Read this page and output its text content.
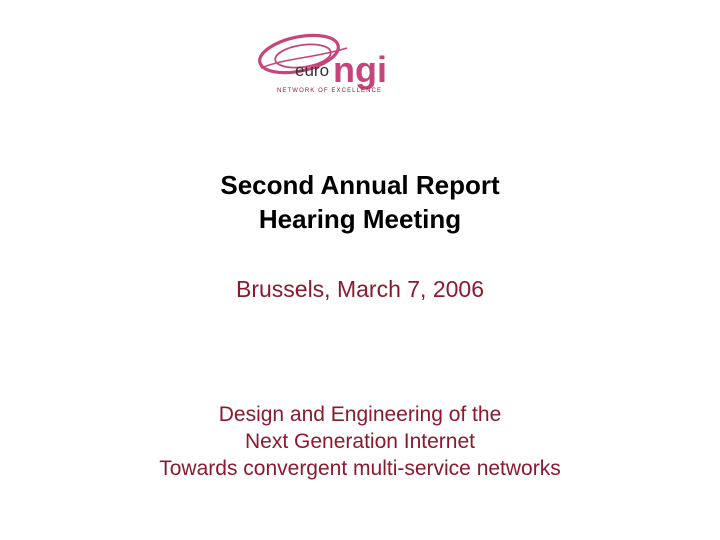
euro ngi
NETWORK OF EXCELLENCE
Second Annual Report
Hearing Meeting
Brussels, March 7, 2006
Design and Engineering of the
Next Generation Internet
Towards convergent multi-service networks
